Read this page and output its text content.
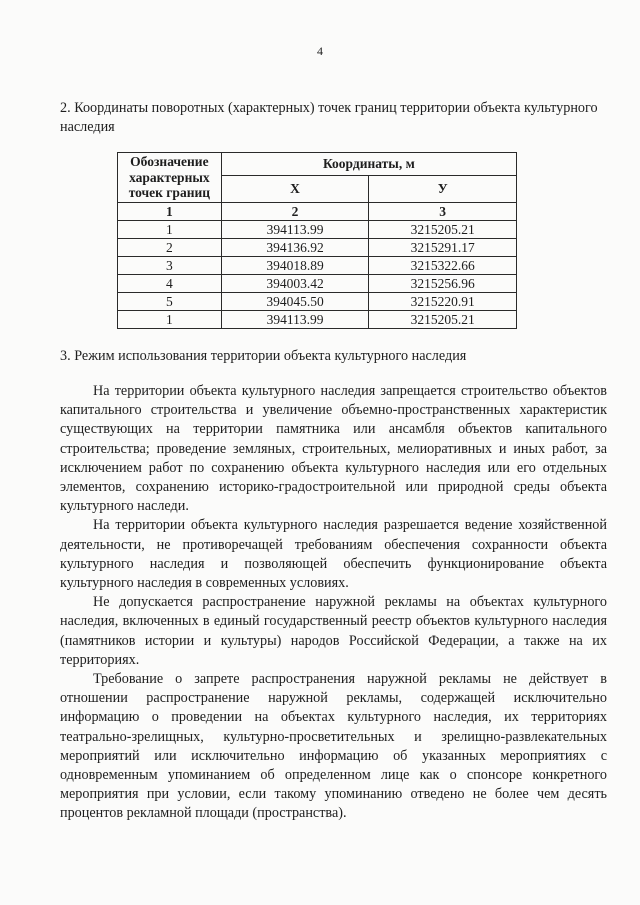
4
2. Координаты поворотных (характерных) точек границ территории объекта культурного наследия
Обозначение характерных точек границ	Координаты, м	
	Х	У
1	2	3
1	394113.99	3215205.21
2	394136.92	3215291.17
3	394018.89	3215322.66
4	394003.42	3215256.96
5	394045.50	3215220.91
1	394113.99	3215205.21
3. Режим использования территории объекта культурного наследия

На территории объекта культурного наследия запрещается строительство объектов капитального строительства и увеличение объемно-пространственных характеристик существующих на территории памятника или ансамбля объектов капитального строительства; проведение земляных, строительных, мелиоративных и иных работ, за исключением работ по сохранению объекта культурного наследия или его отдельных элементов, сохранению историко-градостроительной или природной среды объекта культурного наследи.

На территории объекта культурного наследия разрешается ведение хозяйственной деятельности, не противоречащей требованиям обеспечения сохранности объекта культурного наследия и позволяющей обеспечить функционирование объекта культурного наследия в современных условиях.

Не допускается распространение наружной рекламы на объектах культурного наследия, включенных в единый государственный реестр объектов культурного наследия (памятников истории и культуры) народов Российской Федерации, а также на их территориях.

Требование о запрете распространения наружной рекламы не действует в отношении распространение наружной рекламы, содержащей исключительно информацию о проведении на объектах культурного наследия, их территориях театрально-зрелищных, культурно-просветительных и зрелищно-развлекательных мероприятий или исключительно информацию об указанных мероприятиях с одновременным упоминанием об определенном лице как о спонсоре конкретного мероприятия при условии, если такому упоминанию отведено не более чем десять процентов рекламной площади (пространства).
